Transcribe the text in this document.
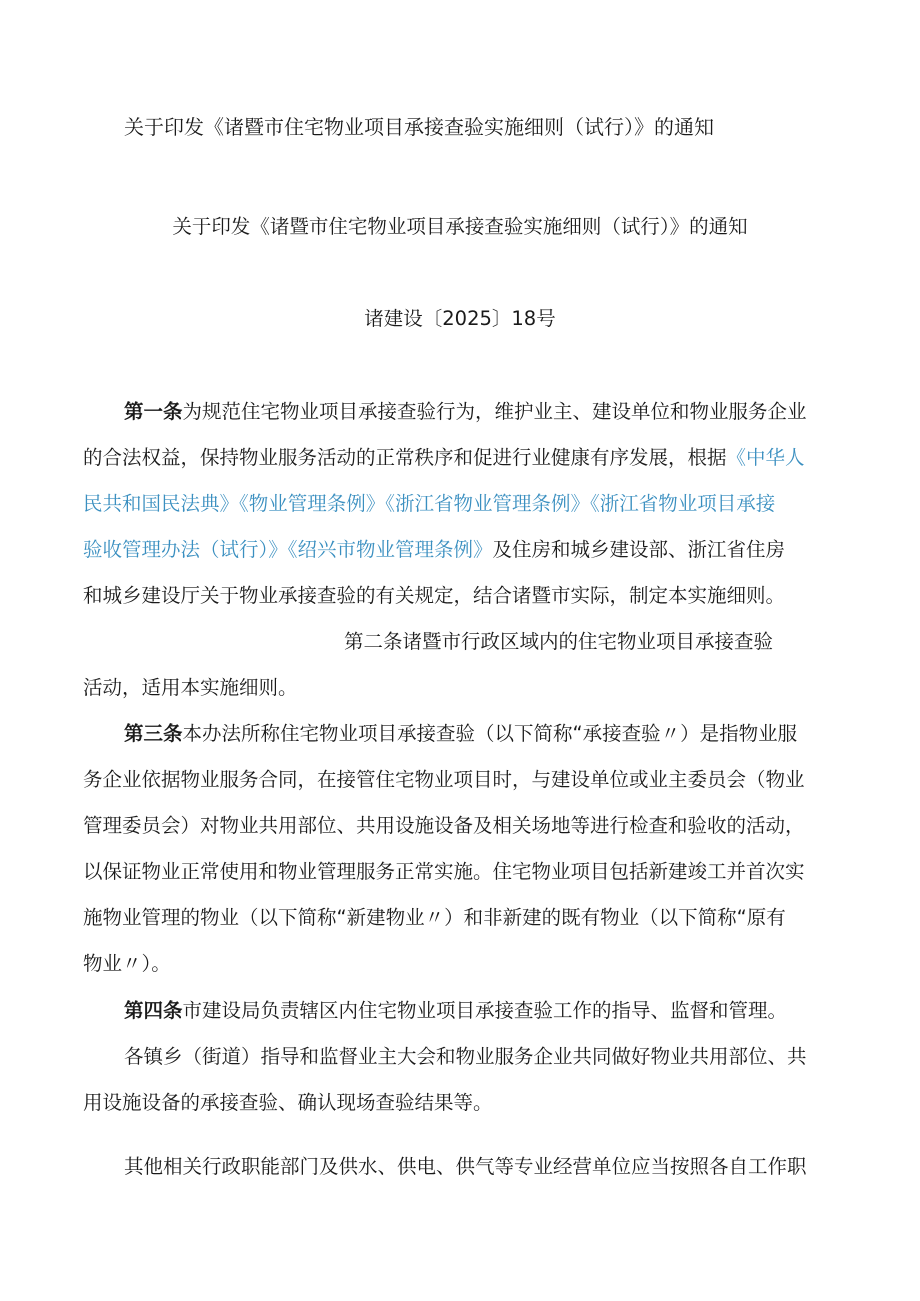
关于印发《诸暨市住宅物业项目承接查验实施细则（试行）》的通知
关于印发《诸暨市住宅物业项目承接查验实施细则（试行）》的通知
诸建设〔2025〕18号
第一条为规范住宅物业项目承接查验行为，维护业主、建设单位和物业服务企业
的合法权益，保持物业服务活动的正常秩序和促进行业健康有序发展，根据《中华人
民共和国民法典》《物业管理条例》《浙江省物业管理条例》《浙江省物业项目承接
验收管理办法（试行）》《绍兴市物业管理条例》及住房和城乡建设部、浙江省住房
和城乡建设厅关于物业承接查验的有关规定，结合诸暨市实际，制定本实施细则。
第二条诸暨市行政区域内的住宅物业项目承接查验
活动，适用本实施细则。
第三条本办法所称住宅物业项目承接查验（以下简称“承接查验〃）是指物业服
务企业依据物业服务合同，在接管住宅物业项目时，与建设单位或业主委员会（物业
管理委员会）对物业共用部位、共用设施设备及相关场地等进行检查和验收的活动，
以保证物业正常使用和物业管理服务正常实施。住宅物业项目包括新建竣工并首次实
施物业管理的物业（以下简称“新建物业〃）和非新建的既有物业（以下简称“原有
物业〃）。
第四条市建设局负责辖区内住宅物业项目承接查验工作的指导、监督和管理。
各镇乡（街道）指导和监督业主大会和物业服务企业共同做好物业共用部位、共
用设施设备的承接查验、确认现场查验结果等。
其他相关行政职能部门及供水、供电、供气等专业经营单位应当按照各自工作职
